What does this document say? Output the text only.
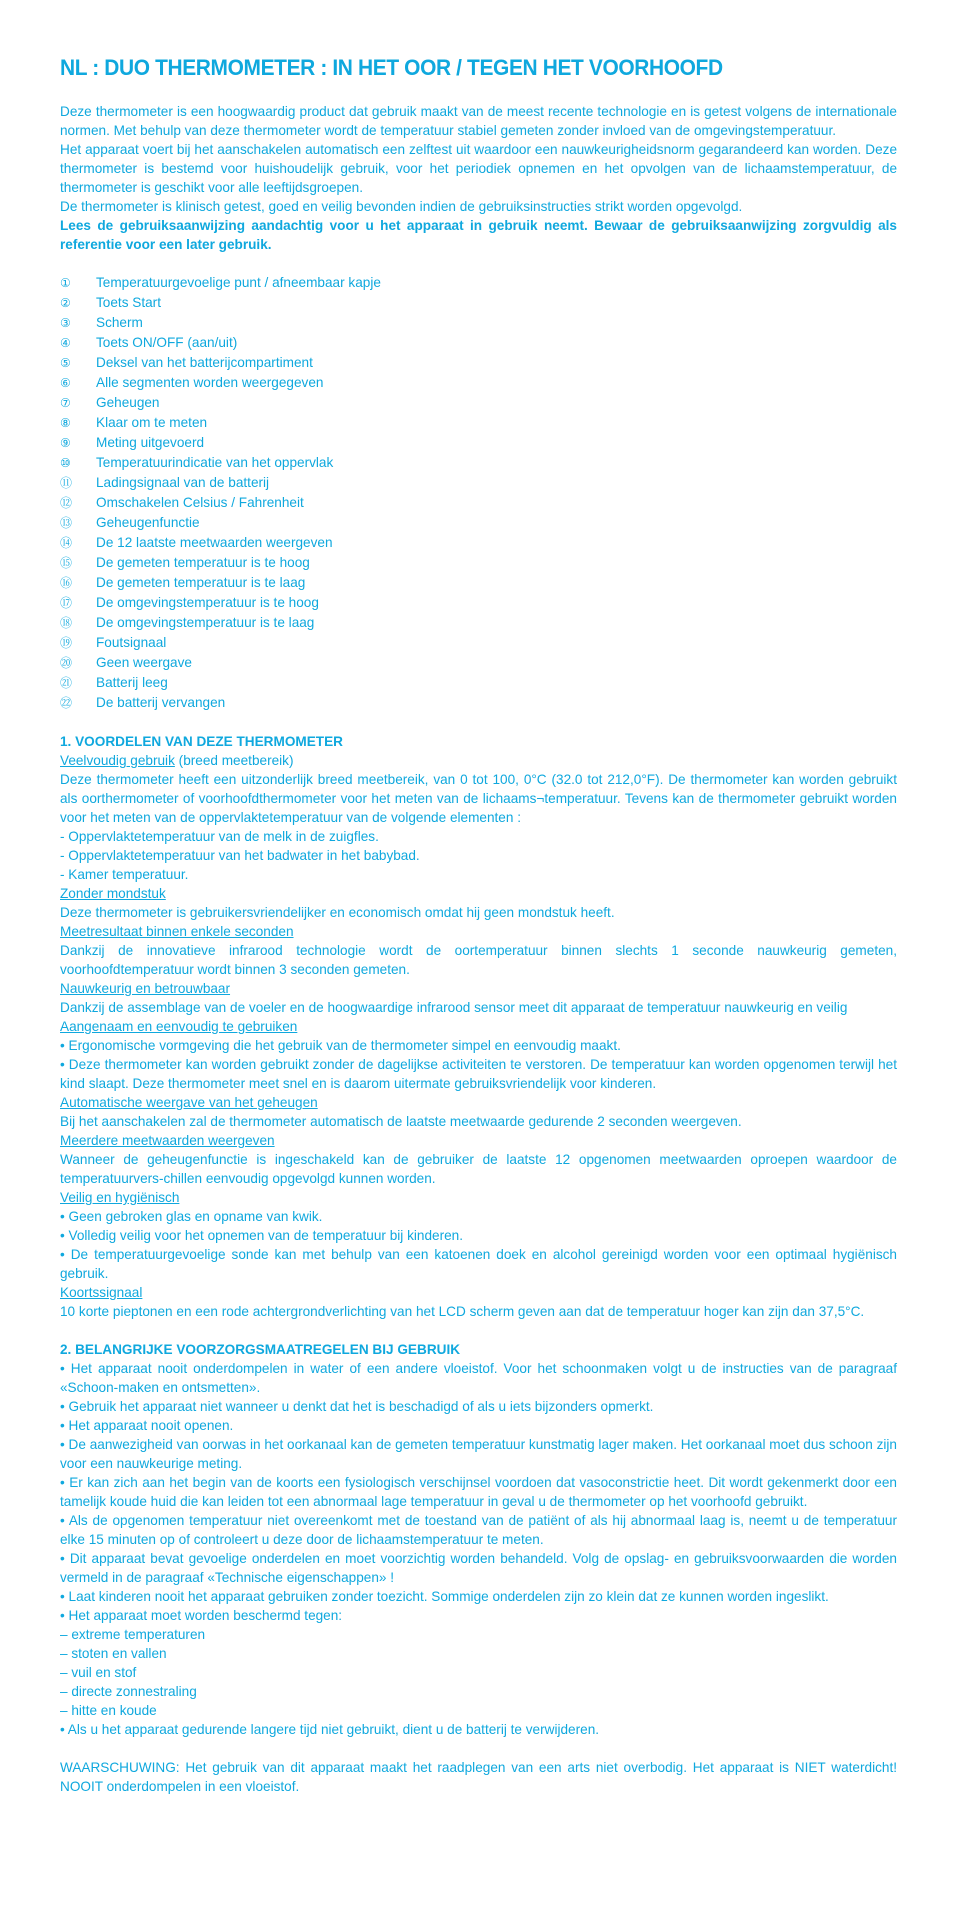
NL : DUO THERMOMETER : IN HET OOR / TEGEN HET VOORHOOFD
Deze thermometer is een hoogwaardig product dat gebruik maakt van de meest recente technologie en is getest volgens de internationale normen. Met behulp van deze thermometer wordt de temperatuur stabiel gemeten zonder invloed van de omgevingstemperatuur.
Het apparaat voert bij het aanschakelen automatisch een zelftest uit waardoor een nauwkeurigheidsnorm gegarandeerd kan worden. Deze thermometer is bestemd voor huishoudelijk gebruik, voor het periodiek opnemen en het opvolgen van de lichaamstemperatuur, de thermometer is geschikt voor alle leeftijdsgroepen.
De thermometer is klinisch getest, goed en veilig bevonden indien de gebruiksinstructies strikt worden opgevolgd.
Lees de gebruiksaanwijzing aandachtig voor u het apparaat in gebruik neemt. Bewaar de gebruiksaanwijzing zorgvuldig als referentie voor een later gebruik.
①	Temperatuurgevoelige punt / afneembaar kapje
②	Toets Start
③	Scherm
④	Toets ON/OFF (aan/uit)
⑤	Deksel van het batterijcompartiment
⑥	Alle segmenten worden weergegeven
⑦	Geheugen
⑧	Klaar om te meten
⑨	Meting uitgevoerd
⑩	Temperatuurindicatie van het oppervlak
⑪	Ladingsignaal van de batterij
⑫	Omschakelen Celsius / Fahrenheit
⑬	Geheugenfunctie
⑭	De 12 laatste meetwaarden weergeven
⑮	De gemeten temperatuur is te hoog
⑯	De gemeten temperatuur is te laag
⑰	De omgevingstemperatuur is te hoog
⑱	De omgevingstemperatuur is te laag
⑲	Foutsignaal
⑳	Geen weergave
㉑	Batterij leeg
㉒	De batterij vervangen
1. VOORDELEN VAN DEZE THERMOMETER
Veelvoudig gebruik (breed meetbereik)
Deze thermometer heeft een uitzonderlijk breed meetbereik, van 0 tot 100, 0°C (32.0 tot 212,0°F). De thermometer kan worden gebruikt als oorthermometer of voorhoofdthermometer voor het meten van de lichaams¬temperatuur. Tevens kan de thermometer gebruikt worden voor het meten van de oppervlaktetemperatuur van de volgende elementen :
- Oppervlaktetemperatuur van de melk in de zuigfles.
- Oppervlaktetemperatuur van het badwater in het babybad.
- Kamer temperatuur.
Zonder mondstuk
Deze thermometer is gebruikersvriendelijker en economisch omdat hij geen mondstuk heeft.
Meetresultaat binnen enkele seconden
Dankzij de innovatieve infrarood technologie wordt de oortemperatuur binnen slechts 1 seconde nauwkeurig gemeten, voorhoofdtemperatuur wordt binnen 3 seconden gemeten.
Nauwkeurig en betrouwbaar
Dankzij de assemblage van de voeler en de hoogwaardige infrarood sensor meet dit apparaat de temperatuur nauwkeurig en veilig
Aangenaam en eenvoudig te gebruiken
• Ergonomische vormgeving die het gebruik van de thermometer simpel en eenvoudig maakt.
• Deze thermometer kan worden gebruikt zonder de dagelijkse activiteiten te verstoren. De temperatuur kan worden opgenomen terwijl het kind slaapt. Deze thermometer meet snel en is daarom uitermate gebruiksvriendelijk voor kinderen.
Automatische weergave van het geheugen
Bij het aanschakelen zal de thermometer automatisch de laatste meetwaarde gedurende 2 seconden weergeven.
Meerdere meetwaarden weergeven
Wanneer de geheugenfunctie is ingeschakeld kan de gebruiker de laatste 12 opgenomen meetwaarden oproepen waardoor de temperatuurvers-chillen eenvoudig opgevolgd kunnen worden.
Veilig en hygiënisch
• Geen gebroken glas en opname van kwik.
• Volledig veilig voor het opnemen van de temperatuur bij kinderen.
• De temperatuurgevoelige sonde kan met behulp van een katoenen doek en alcohol gereinigd worden voor een optimaal hygiënisch gebruik.
Koortssignaal
10 korte pieptonen en een rode achtergrondverlichting van het LCD scherm geven aan dat de temperatuur hoger kan zijn dan 37,5°C.
2. BELANGRIJKE VOORZORGSMAATREGELEN BIJ GEBRUIK
• Het apparaat nooit onderdompelen in water of een andere vloeistof. Voor het schoonmaken volgt u de instructies van de paragraaf «Schoon-maken en ontsmetten».
• Gebruik het apparaat niet wanneer u denkt dat het is beschadigd of als u iets bijzonders opmerkt.
• Het apparaat nooit openen.
• De aanwezigheid van oorwas in het oorkanaal kan de gemeten temperatuur kunstmatig lager maken. Het oorkanaal moet dus schoon zijn voor een nauwkeurige meting.
• Er kan zich aan het begin van de koorts een fysiologisch verschijnsel voordoen dat vasoconstrictie heet. Dit wordt gekenmerkt door een tamelijk koude huid die kan leiden tot een abnormaal lage temperatuur in geval u de thermometer op het voorhoofd gebruikt.
• Als de opgenomen temperatuur niet overeenkomt met de toestand van de patiënt of als hij abnormaal laag is, neemt u de temperatuur elke 15 minuten op of controleert u deze door de lichaamstemperatuur te meten.
• Dit apparaat bevat gevoelige onderdelen en moet voorzichtig worden behandeld. Volg de opslag- en gebruiksvoorwaarden die worden vermeld in de paragraaf «Technische eigenschappen» !
• Laat kinderen nooit het apparaat gebruiken zonder toezicht. Sommige onderdelen zijn zo klein dat ze kunnen worden ingeslikt.
• Het apparaat moet worden beschermd tegen:
– extreme temperaturen
– stoten en vallen
– vuil en stof
– directe zonnestraling
– hitte en koude
• Als u het apparaat gedurende langere tijd niet gebruikt, dient u de batterij te verwijderen.
WAARSCHUWING: Het gebruik van dit apparaat maakt het raadplegen van een arts niet overbodig. Het apparaat is NIET waterdicht! NOOIT onderdompelen in een vloeistof.
